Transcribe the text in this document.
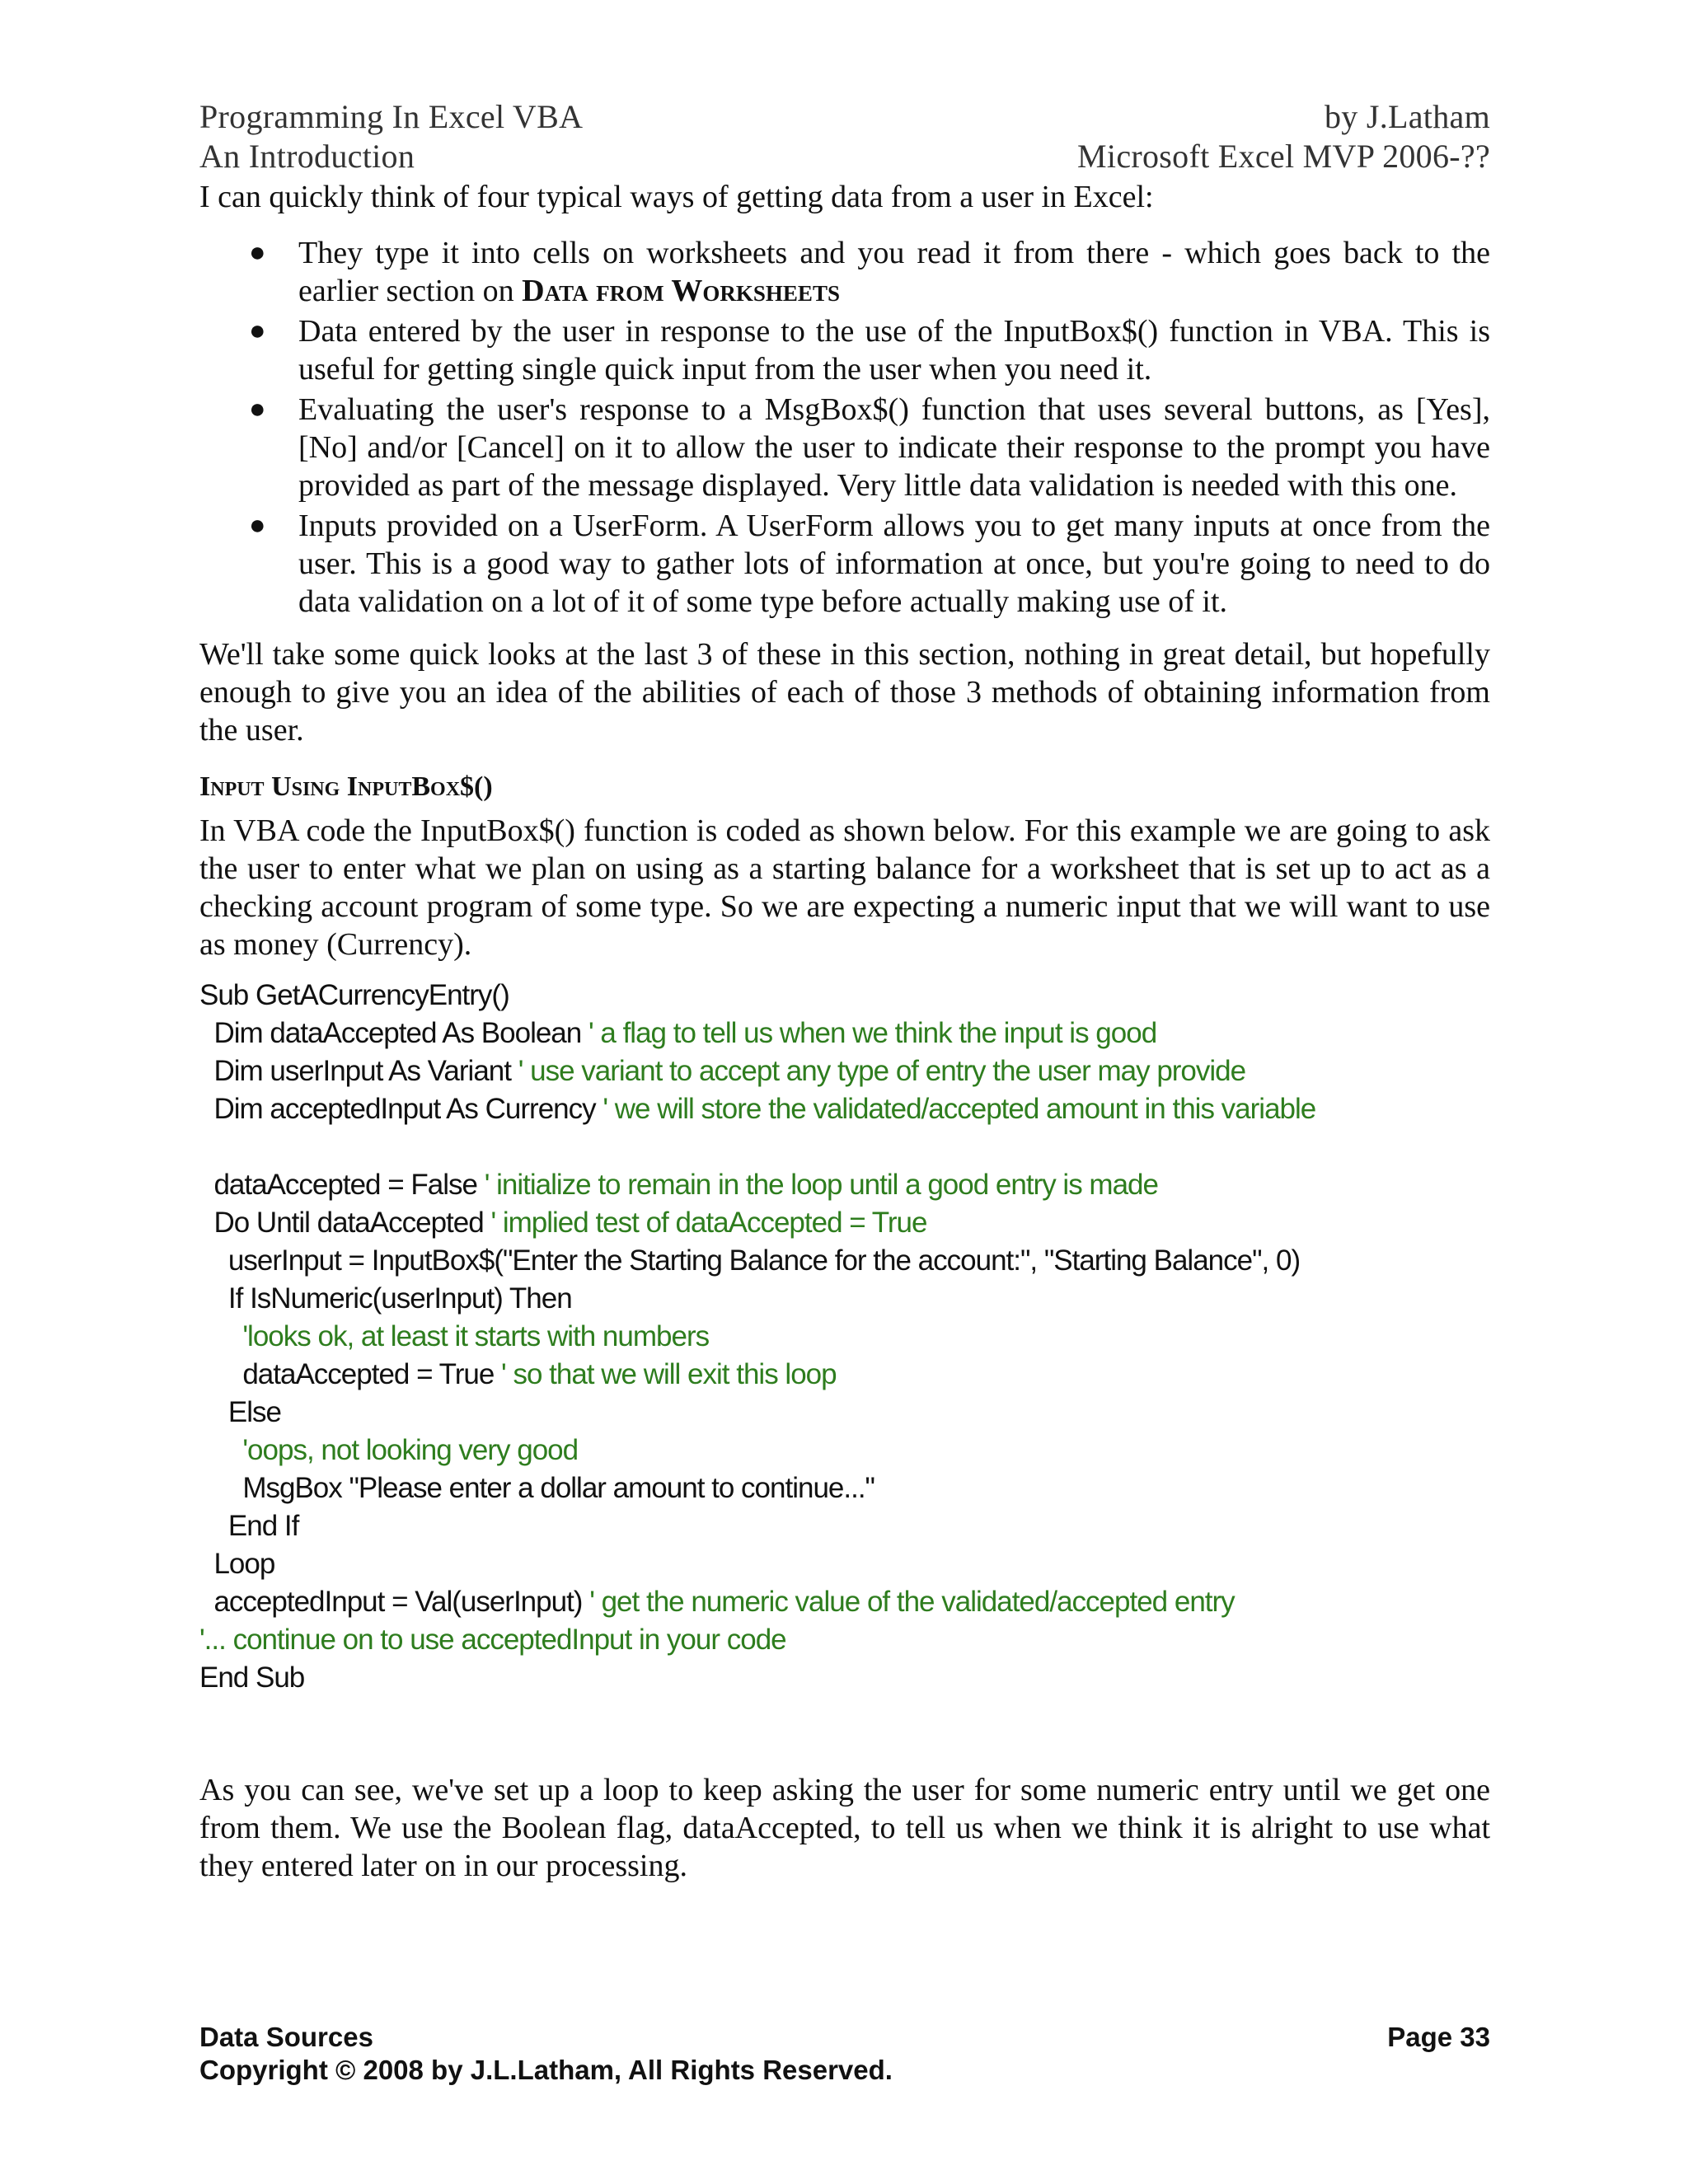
Programming In Excel VBA	by J.Latham
An Introduction	Microsoft Excel MVP 2006-??

I can quickly think of four typical ways of getting data from a user in Excel:

● They type it into cells on worksheets and you read it from there - which goes back to the earlier section on Data from Worksheets
● Data entered by the user in response to the use of the InputBox$() function in VBA. This is useful for getting single quick input from the user when you need it.
● Evaluating the user's response to a MsgBox$() function that uses several buttons, as [Yes], [No] and/or [Cancel] on it to allow the user to indicate their response to the prompt you have provided as part of the message displayed. Very little data validation is needed with this one.
● Inputs provided on a UserForm. A UserForm allows you to get many inputs at once from the user. This is a good way to gather lots of information at once, but you're going to need to do data validation on a lot of it of some type before actually making use of it.

We'll take some quick looks at the last 3 of these in this section, nothing in great detail, but hopefully enough to give you an idea of the abilities of each of those 3 methods of obtaining information from the user.

Input Using InputBox$()

In VBA code the InputBox$() function is coded as shown below. For this example we are going to ask the user to enter what we plan on using as a starting balance for a worksheet that is set up to act as a checking account program of some type. So we are expecting a numeric input that we will want to use as money (Currency).

Sub GetACurrencyEntry()
Dim dataAccepted As Boolean ' a flag to tell us when we think the input is good
Dim userInput As Variant ' use variant to accept any type of entry the user may provide
Dim acceptedInput As Currency ' we will store the validated/accepted amount in this variable
dataAccepted = False ' initialize to remain in the loop until a good entry is made
Do Until dataAccepted ' implied test of dataAccepted = True
userInput = InputBox$("Enter the Starting Balance for the account:", "Starting Balance", 0)
If IsNumeric(userInput) Then
'looks ok, at least it starts with numbers
dataAccepted = True ' so that we will exit this loop
Else
'oops, not looking very good
MsgBox "Please enter a dollar amount to continue..."
End If
Loop
acceptedInput = Val(userInput) ' get the numeric value of the validated/accepted entry
'... continue on to use acceptedInput in your code
End Sub

As you can see, we've set up a loop to keep asking the user for some numeric entry until we get one from them. We use the Boolean flag, dataAccepted, to tell us when we think it is alright to use what they entered later on in our processing.

Data Sources	Page 33
Copyright © 2008 by J.L.Latham, All Rights Reserved.
